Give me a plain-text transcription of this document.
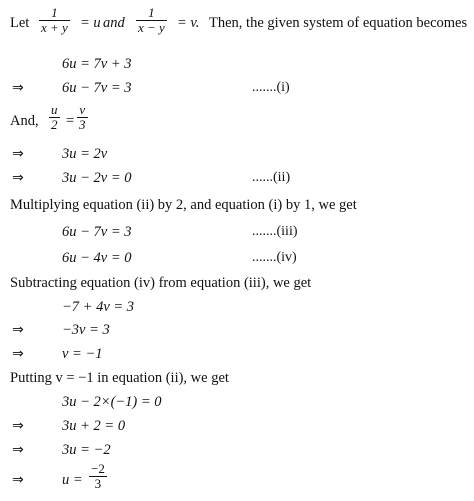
Let $\frac{1}{x + y} = u$ and $\frac{1}{x - y} = v$. Then, the given system of equation becomes
6u = 7v + 3
⇒	6u − 7v = 3	.......(i)
And, $\frac{u}{2} = \frac{v}{3}$
⇒	3u = 2v
⇒	3u − 2v = 0	......(ii)
Multiplying equation (ii) by 2, and equation (i) by 1, we get
6u − 7v = 3	.......(iii)
6u − 4v = 0	.......(iv)
Subtracting equation (iv) from equation (iii), we get
−7 + 4v = 3
⇒	−3v = 3
⇒	v = −1
Putting v = −1 in equation (ii), we get
3u − 2×(−1) = 0
⇒	3u + 2 = 0
⇒	3u = −2
⇒	$u = \frac{-2}{3}$
